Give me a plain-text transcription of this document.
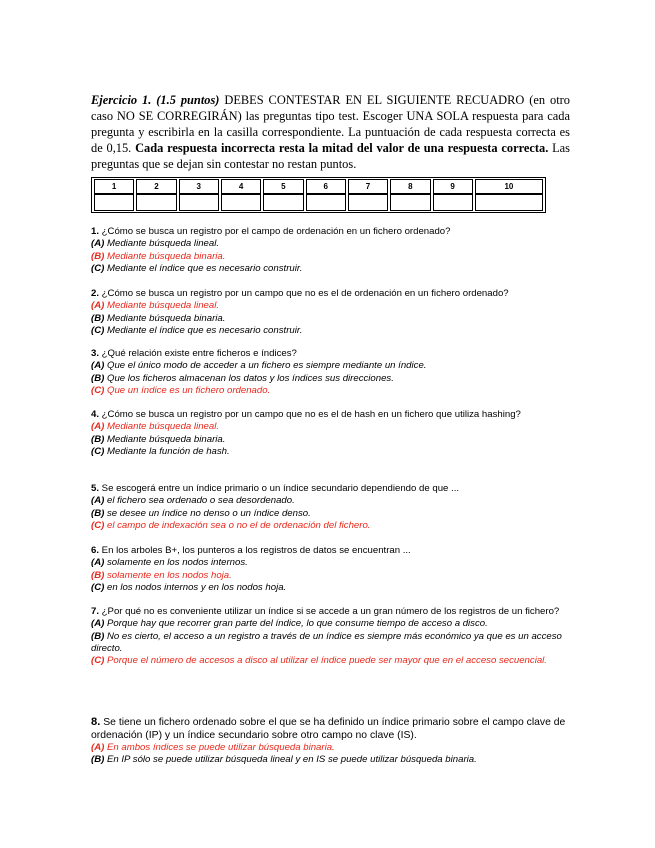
Ejercicio 1. (1.5 puntos) DEBES CONTESTAR EN EL SIGUIENTE RECUADRO (en otro caso NO SE CORREGIRÁN) las preguntas tipo test. Escoger UNA SOLA respuesta para cada pregunta y escribirla en la casilla correspondiente. La puntuación de cada respuesta correcta es de 0,15. Cada respuesta incorrecta resta la mitad del valor de una respuesta correcta. Las preguntas que se dejan sin contestar no restan puntos.
1	2	3	4	5	6	7	8	9	10

1. ¿Cómo se busca un registro por el campo de ordenación en un fichero ordenado?
(A) Mediante búsqueda lineal.
(B) Mediante búsqueda binaria.
(C) Mediante el índice que es necesario construir.
2. ¿Cómo se busca un registro por un campo que no es el de ordenación en un fichero ordenado?
(A) Mediante búsqueda lineal.
(B) Mediante búsqueda binaria.
(C) Mediante el índice que es necesario construir.
3. ¿Qué relación existe entre ficheros e índices?
(A) Que el único modo de acceder a un fichero es siempre mediante un índice.
(B) Que los ficheros almacenan los datos y los índices sus direcciones.
(C) Que un índice es un fichero ordenado.
4. ¿Cómo se busca un registro por un campo que no es el de hash en un fichero que utiliza hashing?
(A) Mediante búsqueda lineal.
(B) Mediante búsqueda binaria.
(C) Mediante la función de hash.
5. Se escogerá entre un índice primario o un índice secundario dependiendo de que ...
(A) el fichero sea ordenado o sea desordenado.
(B) se desee un índice no denso o un índice denso.
(C) el campo de indexación sea o no el de ordenación del fichero.
6. En los arboles B+, los punteros a los registros de datos se encuentran ...
(A) solamente en los nodos internos.
(B) solamente en los nodos hoja.
(C) en los nodos internos y en los nodos hoja.
7. ¿Por qué no es conveniente utilizar un índice si se accede a un gran número de los registros de un fichero?
(A) Porque hay que recorrer gran parte del índice, lo que consume tiempo de acceso a disco.
(B) No es cierto, el acceso a un registro a través de un índice es siempre más económico ya que es un acceso directo.
(C) Porque el número de accesos a disco al utilizar el índice puede ser mayor que en el acceso secuencial.
8. Se tiene un fichero ordenado sobre el que se ha definido un índice primario sobre el campo clave de ordenación (IP) y un índice secundario sobre otro campo no clave (IS).
(A) En ambos índices se puede utilizar búsqueda binaria.
(B) En IP sólo se puede utilizar búsqueda lineal y en IS se puede utilizar búsqueda binaria.
